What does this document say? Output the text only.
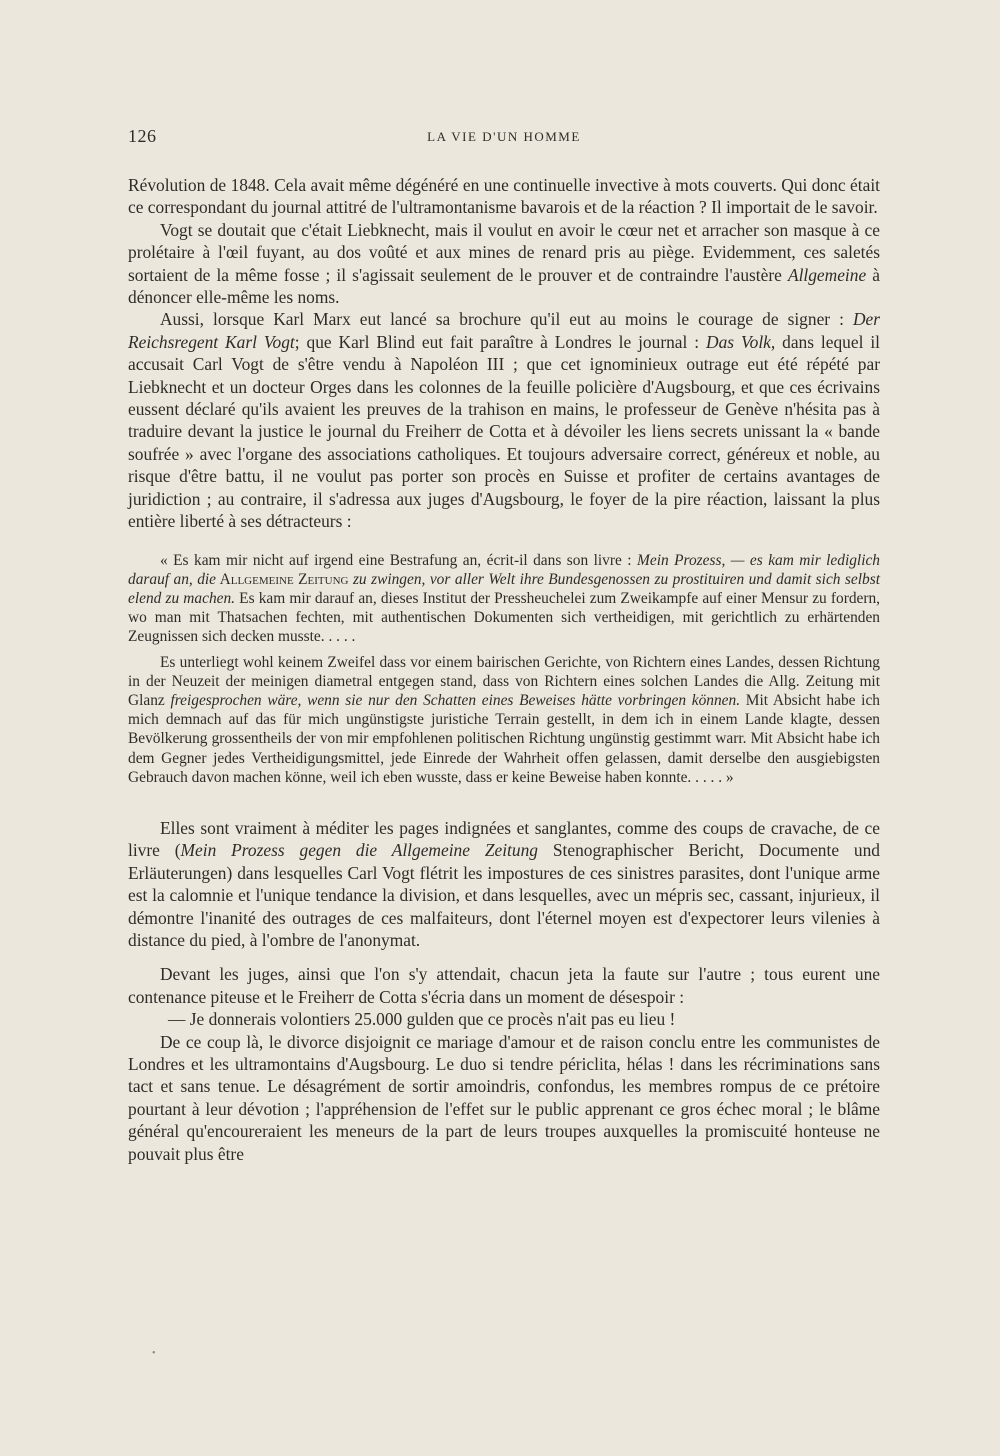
126	LA VIE D'UN HOMME

Révolution de 1848. Cela avait même dégénéré en une continuelle invective à mots couverts. Qui donc était ce correspondant du journal attitré de l'ultramontanisme bavarois et de la réaction ? Il importait de le savoir.

Vogt se doutait que c'était Liebknecht, mais il voulut en avoir le cœur net et arracher son masque à ce prolétaire à l'œil fuyant, au dos voûté et aux mines de renard pris au piège. Evidemment, ces saletés sortaient de la même fosse ; il s'agissait seulement de le prouver et de contraindre l'austère Allgemeine à dénoncer elle-même les noms.

Aussi, lorsque Karl Marx eut lancé sa brochure qu'il eut au moins le courage de signer : Der Reichsregent Karl Vogt; que Karl Blind eut fait paraître à Londres le journal : Das Volk, dans lequel il accusait Carl Vogt de s'être vendu à Napoléon III ; que cet ignominieux outrage eut été répété par Liebknecht et un docteur Orges dans les colonnes de la feuille policière d'Augsbourg, et que ces écrivains eussent déclaré qu'ils avaient les preuves de la trahison en mains, le professeur de Genève n'hésita pas à traduire devant la justice le journal du Freiherr de Cotta et à dévoiler les liens secrets unissant la « bande soufrée » avec l'organe des associations catholiques. Et toujours adversaire correct, généreux et noble, au risque d'être battu, il ne voulut pas porter son procès en Suisse et profiter de certains avantages de juridiction ; au contraire, il s'adressa aux juges d'Augsbourg, le foyer de la pire réaction, laissant la plus entière liberté à ses détracteurs :

« Es kam mir nicht auf irgend eine Bestrafung an, écrit-il dans son livre : Mein Prozess, — es kam mir lediglich darauf an, die Allgemeine Zeitung zu zwingen, vor aller Welt ihre Bundesgenossen zu prostituiren und damit sich selbst elend zu machen. Es kam mir darauf an, dieses Institut der Pressheuchelei zum Zweikampfe auf einer Mensur zu fordern, wo man mit Thatsachen fechten, mit authentischen Dokumenten sich vertheidigen, mit gerichtlich zu erhärtenden Zeugnissen sich decken musste. . . . .

Es unterliegt wohl keinem Zweifel dass vor einem bairischen Gerichte, von Richtern eines Landes, dessen Richtung in der Neuzeit der meinigen diametral entgegen stand, dass von Richtern eines solchen Landes die Allg. Zeitung mit Glanz freigesprochen wäre, wenn sie nur den Schatten eines Beweises hätte vorbringen können. Mit Absicht habe ich mich demnach auf das für mich ungünstigste juristiche Terrain gestellt, in dem ich in einem Lande klagte, dessen Bevölkerung grossentheils der von mir empfohlenen politischen Richtung ungünstig gestimmt warr. Mit Absicht habe ich dem Gegner jedes Vertheidigungsmittel, jede Einrede der Wahrheit offen gelassen, damit derselbe den ausgiebigsten Gebrauch davon machen könne, weil ich eben wusste, dass er keine Beweise haben konnte. . . . . »

Elles sont vraiment à méditer les pages indignées et sanglantes, comme des coups de cravache, de ce livre (Mein Prozess gegen die Allgemeine Zeitung Stenographischer Bericht, Documente und Erläuterungen) dans lesquelles Carl Vogt flétrit les impostures de ces sinistres parasites, dont l'unique arme est la calomnie et l'unique tendance la division, et dans lesquelles, avec un mépris sec, cassant, injurieux, il démontre l'inanité des outrages de ces malfaiteurs, dont l'éternel moyen est d'expectorer leurs vilenies à distance du pied, à l'ombre de l'anonymat.

Devant les juges, ainsi que l'on s'y attendait, chacun jeta la faute sur l'autre ; tous eurent une contenance piteuse et le Freiherr de Cotta s'écria dans un moment de désespoir :

— Je donnerais volontiers 25.000 gulden que ce procès n'ait pas eu lieu !

De ce coup là, le divorce disjoignit ce mariage d'amour et de raison conclu entre les communistes de Londres et les ultramontains d'Augsbourg. Le duo si tendre périclita, hélas ! dans les récriminations sans tact et sans tenue. Le désagrément de sortir amoindris, confondus, les membres rompus de ce prétoire pourtant à leur dévotion ; l'appréhension de l'effet sur le public apprenant ce gros échec moral ; le blâme général qu'encoureraient les meneurs de la part de leurs troupes auxquelles la promiscuité honteuse ne pouvait plus être

•
